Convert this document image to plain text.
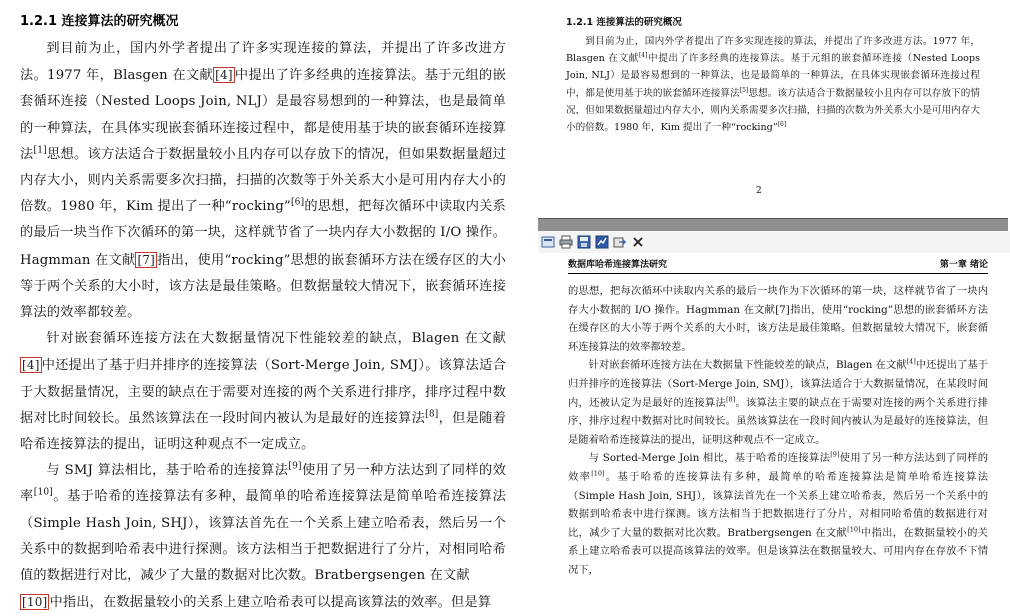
1.2.1 连接算法的研究概况

到目前为止，国内外学者提出了许多实现连接的算法，并提出了许多改进方法。1977 年，Blasgen 在文献 [4] 中提出了许多经典的连接算法。基于元组的嵌套循环连接（Nested Loops Join, NLJ）是最容易想到的一种算法，也是最简单的一种算法，在具体实现嵌套循环连接过程中，都是使用基于块的嵌套循环连接算法[1]思想。该方法适合于数据量较小且内存可以存放下的情况，但如果数据量超过内存大小，则内关系需要多次扫描，扫描的次数等于外关系大小是可用内存大小的倍数。1980 年，Kim 提出了一种“rocking”[6]的思想，把每次循环中读取内关系的最后一块当作下次循环的第一块，这样就节省了一块内存大小数据的 I/O 操作。Hagmman 在文献 [7] 指出，使用“rocking”思想的嵌套循环方法在缓存区的大小等于两个关系的大小时，该方法是最佳策略。但数据量较大情况下，嵌套循环连接算法的效率都较差。

针对嵌套循环连接方法在大数据量情况下性能较差的缺点，Blagen 在文献[4] 中还提出了基于归并排序的连接算法（Sort-Merge Join, SMJ）。该算法适合于大数据量情况，主要的缺点在于需要对连接的两个关系进行排序，排序过程中数据对比时间较长。虽然该算法在一段时间内被认为是最好的连接算法[8]，但是随着哈希连接算法的提出，证明这种观点不一定成立。

与 SMJ 算法相比，基于哈希的连接算法[9]使用了另一种方法达到了同样的效率[10]。基于哈希的连接算法有多种，最简单的哈希连接算法是简单哈希连接算法（Simple Hash Join, SHJ），该算法首先在一个关系上建立哈希表，然后另一个关系中的数据到哈希表中进行探测。该方法相当于把数据进行了分片，对相同哈希值的数据进行对比，减少了大量的数据对比次数。Bratbergsengen 在文献

[10] 中指出，在数据量较小的关系上建立哈希表可以提高该算法的效率。但是算

1.2.1 连接算法的研究概况

到目前为止，国内外学者提出了许多实现连接的算法，并提出了许多改进方法。1977 年，Blasgen 在文献[4]中提出了许多经典的连接算法。基于元组的嵌套循环连接（Nested Loops Join, NLJ）是最容易想到的一种算法，也是最简单的一种算法，在具体实现嵌套循环连接过程中，都是使用基于块的嵌套循环连接算法[5]思想。该方法适合于数据量较小且内存可以存放下的情况，但如果数据量超过内存大小，则内关系需要多次扫描，扫描的次数为外关系大小是可用内存大小的倍数。1980 年，Kim 提出了一种“rocking”[6]

2
数据库哈希连接算法研究	第一章 绪论

的思想，把每次循环中读取内关系的最后一块作为下次循环的第一块，这样就节省了一块内存大小数据的 I/O 操作。Hagmman 在文献[7]指出，使用“rocking”思想的嵌套循环方法在缓存区的大小等于两个关系的大小时，该方法是最佳策略。但数据量较大情况下，嵌套循环连接算法的效率都较差。

针对嵌套循环连接方法在大数据量下性能较差的缺点，Blagen 在文献[4]中还提出了基于归并排序的连接算法（Sort-Merge Join, SMJ），该算法适合于大数据量情况，在某段时间内，还被认定为是最好的连接算法[8]。该算法主要的缺点在于需要对连接的两个关系进行排序，排序过程中数据对比时间较长。虽然该算法在一段时间内被认为是最好的连接算法，但是随着哈希连接算法的提出，证明这种观点不一定成立。

与 Sorted-Merge Join 相比，基于哈希的连接算法[9]使用了另一种方法达到了同样的效率[10]。基于哈希的连接算法有多种，最简单的哈希连接算法是简单哈希连接算法（Simple Hash Join, SHJ），该算法首先在一个关系上建立哈希表，然后另一个关系中的数据到哈希表中进行探测。该方法相当于把数据进行了分片，对相同哈希值的数据进行对比，减少了大量的数据对比次数。Bratbergsengen 在文献[10]中指出，在数据量较小的关系上建立哈希表可以提高该算法的效率。但是该算法在数据量较大、可用内存在存放不下情况下，
